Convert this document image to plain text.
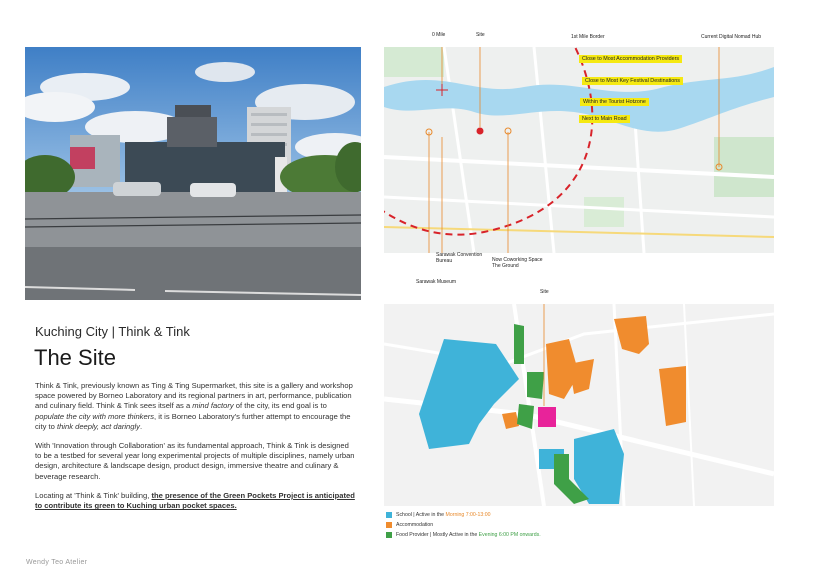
Kuching City | Think & Tink
The Site
Think & Tink, previously known as Ting & Ting Supermarket, this site is a gallery and workshop space powered by Borneo Laboratory and its regional partners in art, performance, publication and culinary field. Think & Tink sees itself as a mind factory of the city, its end goal is to populate the city with more thinkers, it is Borneo Laboratory's further attempt to encourage the city to think deeply, act daringly.
With 'Innovation through Collaboration' as its fundamental approach, Think & Tink is designed to be a testbed for several year long experimental projects of multiple disciplines, namely urban design, architecture & landscape design, product design, immersive theatre and culinary & beverage research.
Locating at 'Think & Tink' building, the presence of the Green Pockets Project is anticipated to contribute its green to Kuching urban pocket spaces.
Wendy Teo Atelier
0 Mile	Site	1st Mile Border	Current Digital Nomad Hub
Close to Most Accommodation Providers
Close to Most Key Festival Destinations
Within the Tourist Hotzone
Next to Main Road
Sarawak Convention Bureau	Now Coworking Space The Ground
Sarawak Museum
Site
School | Active in the Morning 7:00-13:00
Accommodation
Food Provider | Mostly Active in the Evening 6:00 PM onwards.
